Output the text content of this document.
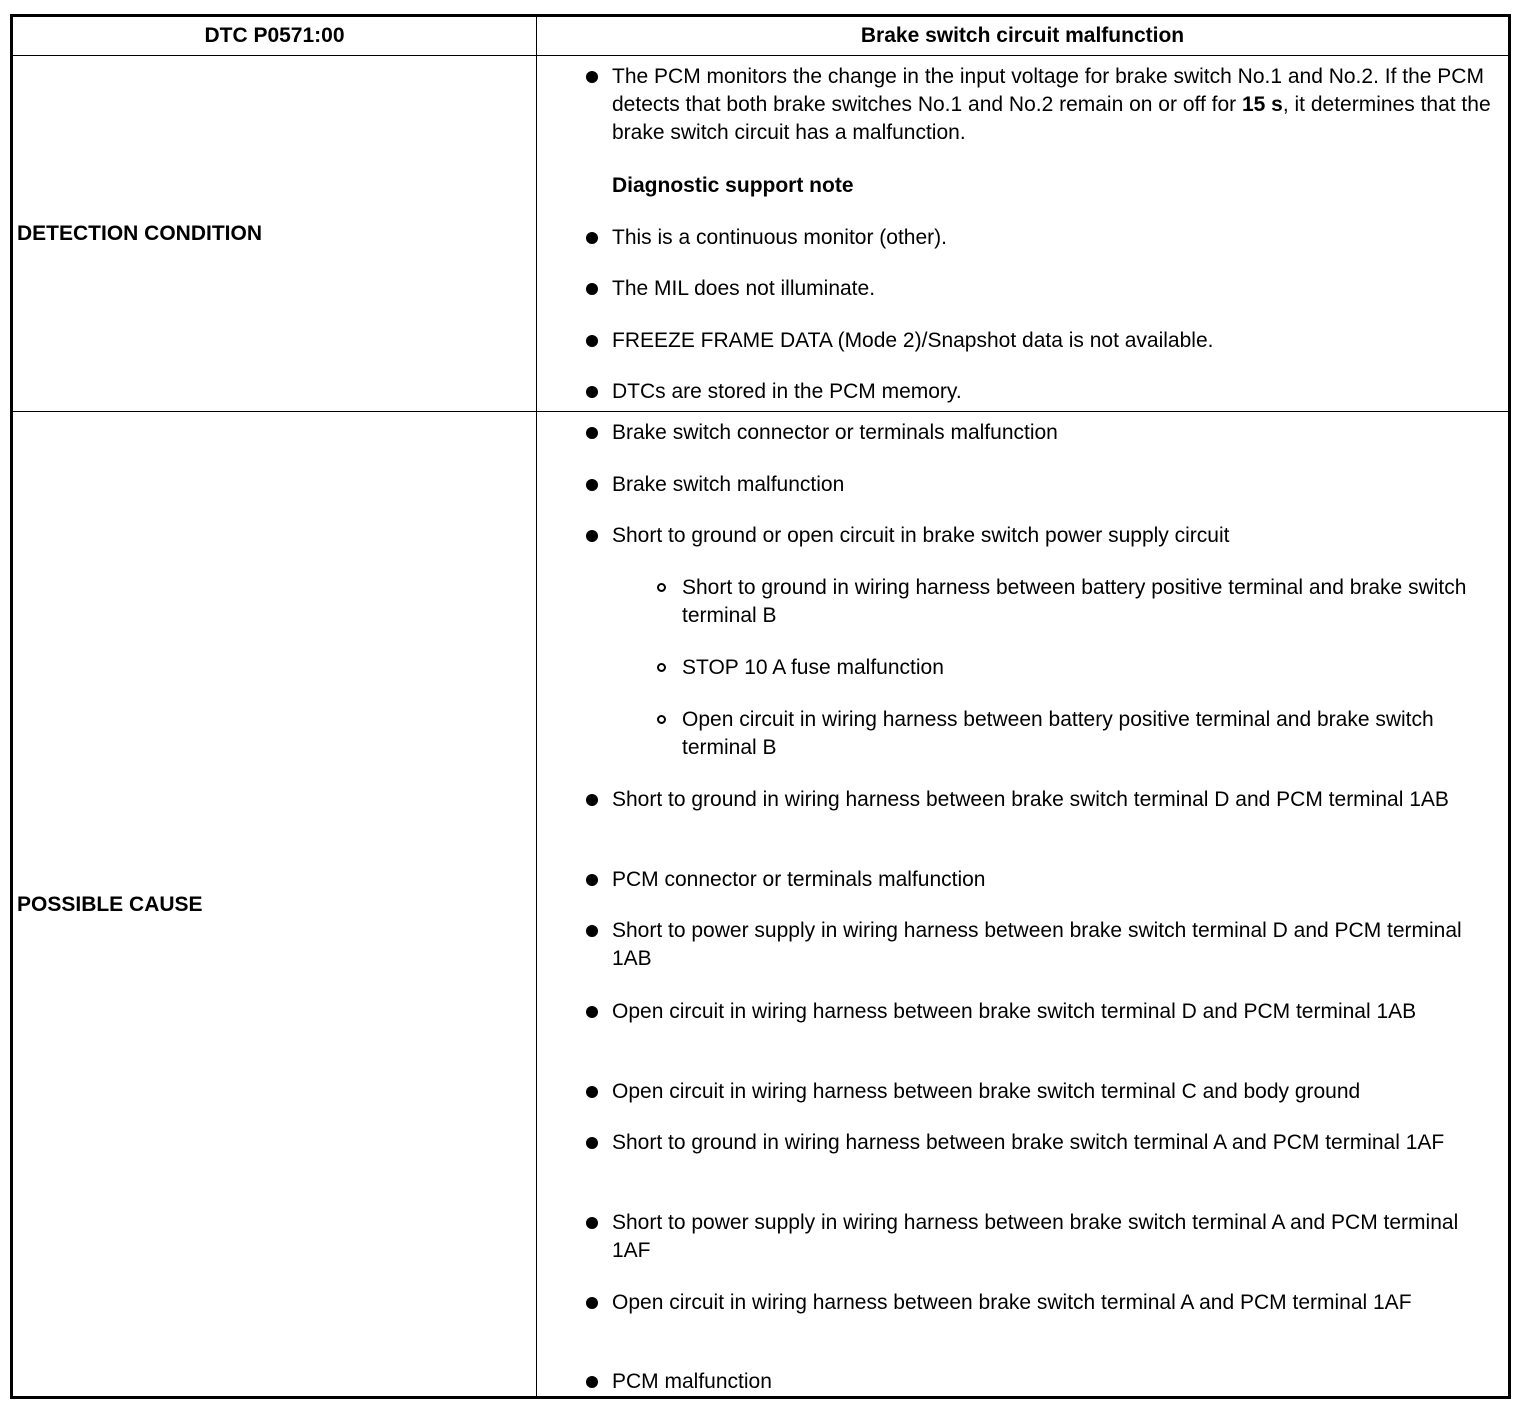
DTC P0571:00	Brake switch circuit malfunction
DETECTION CONDITION
The PCM monitors the change in the input voltage for brake switch No.1 and No.2. If the PCM detects that both brake switches No.1 and No.2 remain on or off for 15 s, it determines that the brake switch circuit has a malfunction.
Diagnostic support note
This is a continuous monitor (other).
The MIL does not illuminate.
FREEZE FRAME DATA (Mode 2)/Snapshot data is not available.
DTCs are stored in the PCM memory.
POSSIBLE CAUSE
Brake switch connector or terminals malfunction
Brake switch malfunction
Short to ground or open circuit in brake switch power supply circuit
Short to ground in wiring harness between battery positive terminal and brake switch terminal B
STOP 10 A fuse malfunction
Open circuit in wiring harness between battery positive terminal and brake switch terminal B
Short to ground in wiring harness between brake switch terminal D and PCM terminal 1AB
PCM connector or terminals malfunction
Short to power supply in wiring harness between brake switch terminal D and PCM terminal 1AB
Open circuit in wiring harness between brake switch terminal D and PCM terminal 1AB
Open circuit in wiring harness between brake switch terminal C and body ground
Short to ground in wiring harness between brake switch terminal A and PCM terminal 1AF
Short to power supply in wiring harness between brake switch terminal A and PCM terminal 1AF
Open circuit in wiring harness between brake switch terminal A and PCM terminal 1AF
PCM malfunction
